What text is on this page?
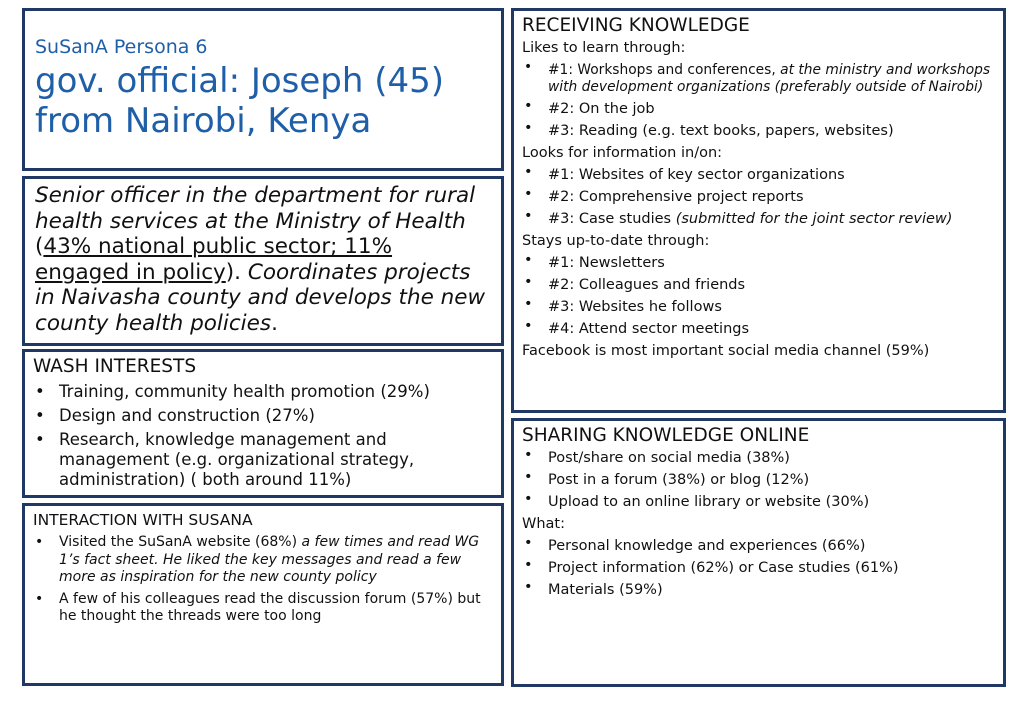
SuSanA Persona 6
gov. official: Joseph (45) from Nairobi, Kenya
Senior officer in the department for rural health services at the Ministry of Health (43% national public sector; 11% engaged in policy). Coordinates projects in Naivasha county and develops the new county health policies.
WASH INTERESTS
• Training, community health promotion (29%)
• Design and construction (27%)
• Research, knowledge management and management (e.g. organizational strategy, administration) ( both around 11%)
INTERACTION WITH SUSANA
• Visited the SuSanA website (68%) a few times and read WG 1’s fact sheet. He liked the key messages and read a few more as inspiration for the new county policy
• A few of his colleagues read the discussion forum (57%) but he thought the threads were too long
RECEIVING KNOWLEDGE
Likes to learn through:
• #1: Workshops and conferences, at the ministry and workshops with development organizations (preferably outside of Nairobi)
• #2: On the job
• #3: Reading (e.g. text books, papers, websites)
Looks for information in/on:
• #1: Websites of key sector organizations
• #2: Comprehensive project reports
• #3: Case studies (submitted for the joint sector review)
Stays up-to-date through:
• #1: Newsletters
• #2: Colleagues and friends
• #3: Websites he follows
• #4: Attend sector meetings
Facebook is most important social media channel (59%)
SHARING KNOWLEDGE ONLINE
• Post/share on social media (38%)
• Post in a forum (38%) or blog (12%)
• Upload to an online library or website (30%)
What:
• Personal knowledge and experiences (66%)
• Project information (62%) or Case studies (61%)
• Materials (59%)
